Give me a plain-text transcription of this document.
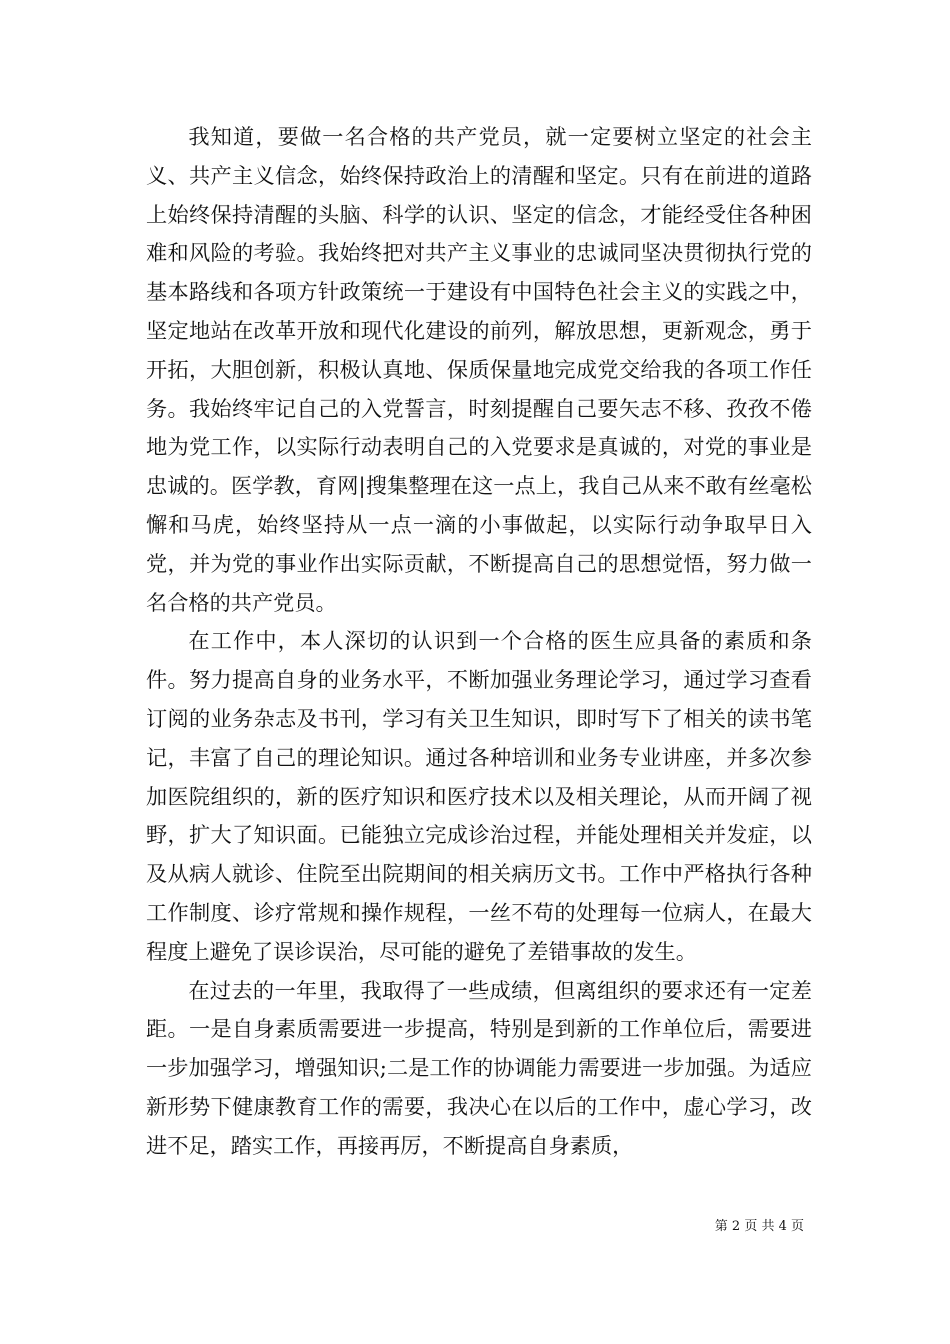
我知道，要做一名合格的共产党员，就一定要树立坚定的社会主义、共产主义信念，始终保持政治上的清醒和坚定。只有在前进的道路上始终保持清醒的头脑、科学的认识、坚定的信念，才能经受住各种困难和风险的考验。我始终把对共产主义事业的忠诚同坚决贯彻执行党的基本路线和各项方针政策统一于建设有中国特色社会主义的实践之中，坚定地站在改革开放和现代化建设的前列，解放思想，更新观念，勇于开拓，大胆创新，积极认真地、保质保量地完成党交给我的各项工作任务。我始终牢记自己的入党誓言，时刻提醒自己要矢志不移、孜孜不倦地为党工作，以实际行动表明自己的入党要求是真诚的，对党的事业是忠诚的。医学教，育网|搜集整理在这一点上，我自己从来不敢有丝毫松懈和马虎，始终坚持从一点一滴的小事做起，以实际行动争取早日入党，并为党的事业作出实际贡献，不断提高自己的思想觉悟，努力做一名合格的共产党员。

在工作中，本人深切的认识到一个合格的医生应具备的素质和条件。努力提高自身的业务水平，不断加强业务理论学习，通过学习查看订阅的业务杂志及书刊，学习有关卫生知识，即时写下了相关的读书笔记，丰富了自己的理论知识。通过各种培训和业务专业讲座，并多次参加医院组织的，新的医疗知识和医疗技术以及相关理论，从而开阔了视野，扩大了知识面。已能独立完成诊治过程，并能处理相关并发症，以及从病人就诊、住院至出院期间的相关病历文书。工作中严格执行各种工作制度、诊疗常规和操作规程，一丝不苟的处理每一位病人，在最大程度上避免了误诊误治，尽可能的避免了差错事故的发生。

在过去的一年里，我取得了一些成绩，但离组织的要求还有一定差距。一是自身素质需要进一步提高，特别是到新的工作单位后，需要进一步加强学习，增强知识;二是工作的协调能力需要进一步加强。为适应新形势下健康教育工作的需要，我决心在以后的工作中，虚心学习，改进不足，踏实工作，再接再厉，不断提高自身素质，

第 2 页 共 4 页
